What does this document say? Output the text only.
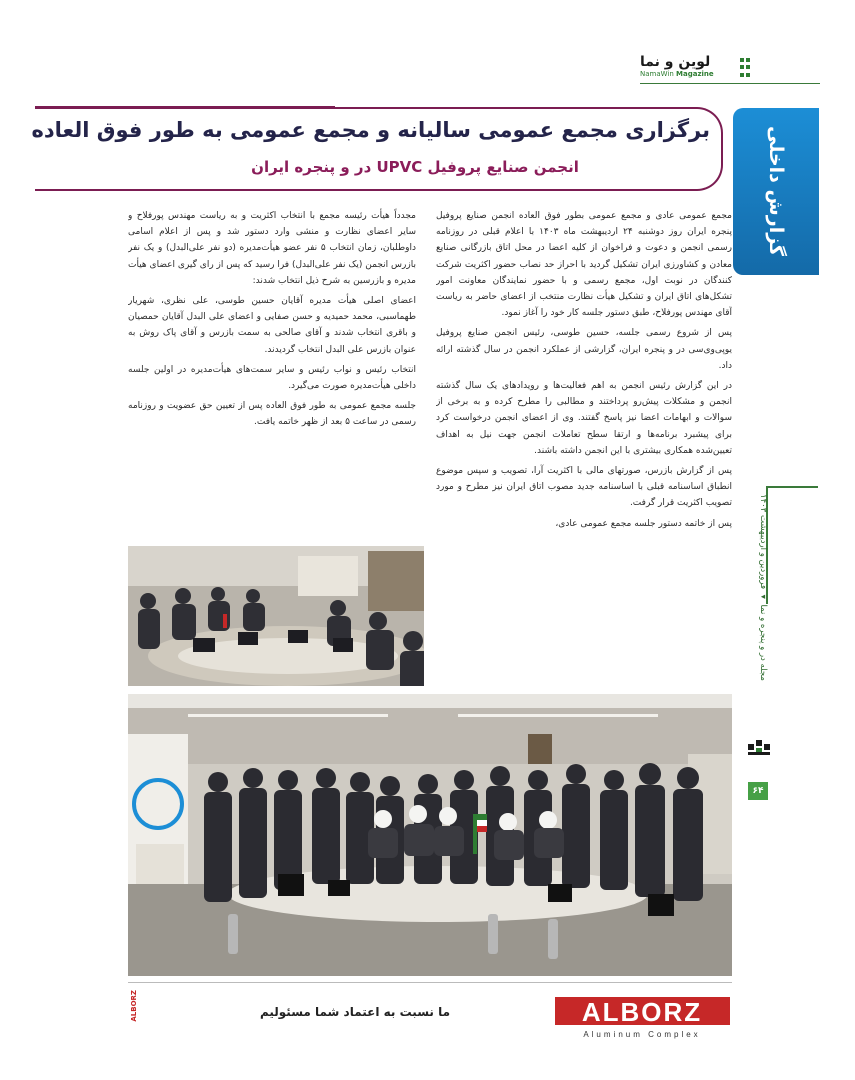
لوین و نما
NamaWin Magazine
گزارش داخلی
برگزاری مجمع عمومی سالیانه و مجمع عمومی به طور فوق العاده
انجمن صنایع پروفیل UPVC در و پنجره ایران

مجمع عمومی عادی و مجمع عمومی بطور فوق العاده انجمن صنایع پروفیل پنجره ایران روز دوشنبه ۲۴ اردیبهشت ماه ۱۴۰۳ با اعلام قبلی در روزنامه رسمی انجمن و دعوت و فراخوان از کلیه اعضا در محل اتاق بازرگانی صنایع معادن و کشاورزی ایران تشکیل گردید با احراز حد نصاب حضور اکثریت شرکت کنندگان در نوبت اول، مجمع رسمی و با حضور نمایندگان معاونت امور تشکل‌های اتاق ایران و تشکیل هیأت نظارت منتخب از اعضای حاضر به ریاست آقای مهندس پورفلاح، طبق دستور جلسه کار خود را آغاز نمود.

پس از شروع رسمی جلسه، حسین طوسی، رئیس انجمن صنایع پروفیل یوپی‌وی‌سی در و پنجره ایران، گزارشی از عملکرد انجمن در سال گذشته ارائه داد.

در این گزارش رئیس انجمن به اهم فعالیت‌ها و رویدادهای یک سال گذشته انجمن و مشکلات پیش‌رو پرداختند و مطالبی را مطرح کرده و به برخی از سوالات و ابهامات اعضا نیز پاسخ گفتند. وی از اعضای انجمن درخواست کرد برای پیشبرد برنامه‌ها و ارتقا سطح تعاملات انجمن جهت نیل به اهداف تعیین‌شده همکاری بیشتری با این انجمن داشته باشند.

پس از گزارش بازرس، صورتهای مالی با اکثریت آرا، تصویب و سپس موضوع انطباق اساسنامه قبلی با اساسنامه جدید مصوب اتاق ایران نیز مطرح و مورد تصویب اکثریت قرار گرفت.

پس از خاتمه دستور جلسه مجمع عمومی عادی،

مجدداً هیأت رئیسه مجمع با انتخاب اکثریت و به ریاست مهندس پورفلاح و سایر اعضای نظارت و منشی وارد دستور شد و پس از اعلام اسامی داوطلبان، زمان انتخاب ۵ نفر عضو هیأت‌مدیره (دو نفر علی‌البدل) و یک نفر بازرس انجمن (یک نفر علی‌البدل) فرا رسید که پس از رای گیری اعضای هیأت مدیره و بازرسین به شرح ذیل انتخاب شدند:

اعضای اصلی هیأت مدیره آقایان حسین طوسی، علی نظری، شهریار طهماسبی، محمد حمیدیه و حسن صفایی و اعضای علی البدل آقایان حمصیان و باقری انتخاب شدند و آقای صالحی به سمت بازرس و آقای پاک روش به عنوان بازرس علی البدل انتخاب گردیدند.

انتخاب رئیس و نواب رئیس و سایر سمت‌های هیأت‌مدیره در اولین جلسه داخلی هیأت‌مدیره صورت می‌گیرد.

جلسه مجمع عمومی به طور فوق العاده پس از تعیین حق عضویت و روزنامه رسمی در ساعت ۵ بعد از ظهر خاتمه یافت.

مجله در و پنجره و نما ◂ فروردین و اردیبهشت ۱۴۰۳
۶۴
ALBORZ
Aluminum Complex
ما نسبت به اعتماد شما مسئولیم
ALBORZ
